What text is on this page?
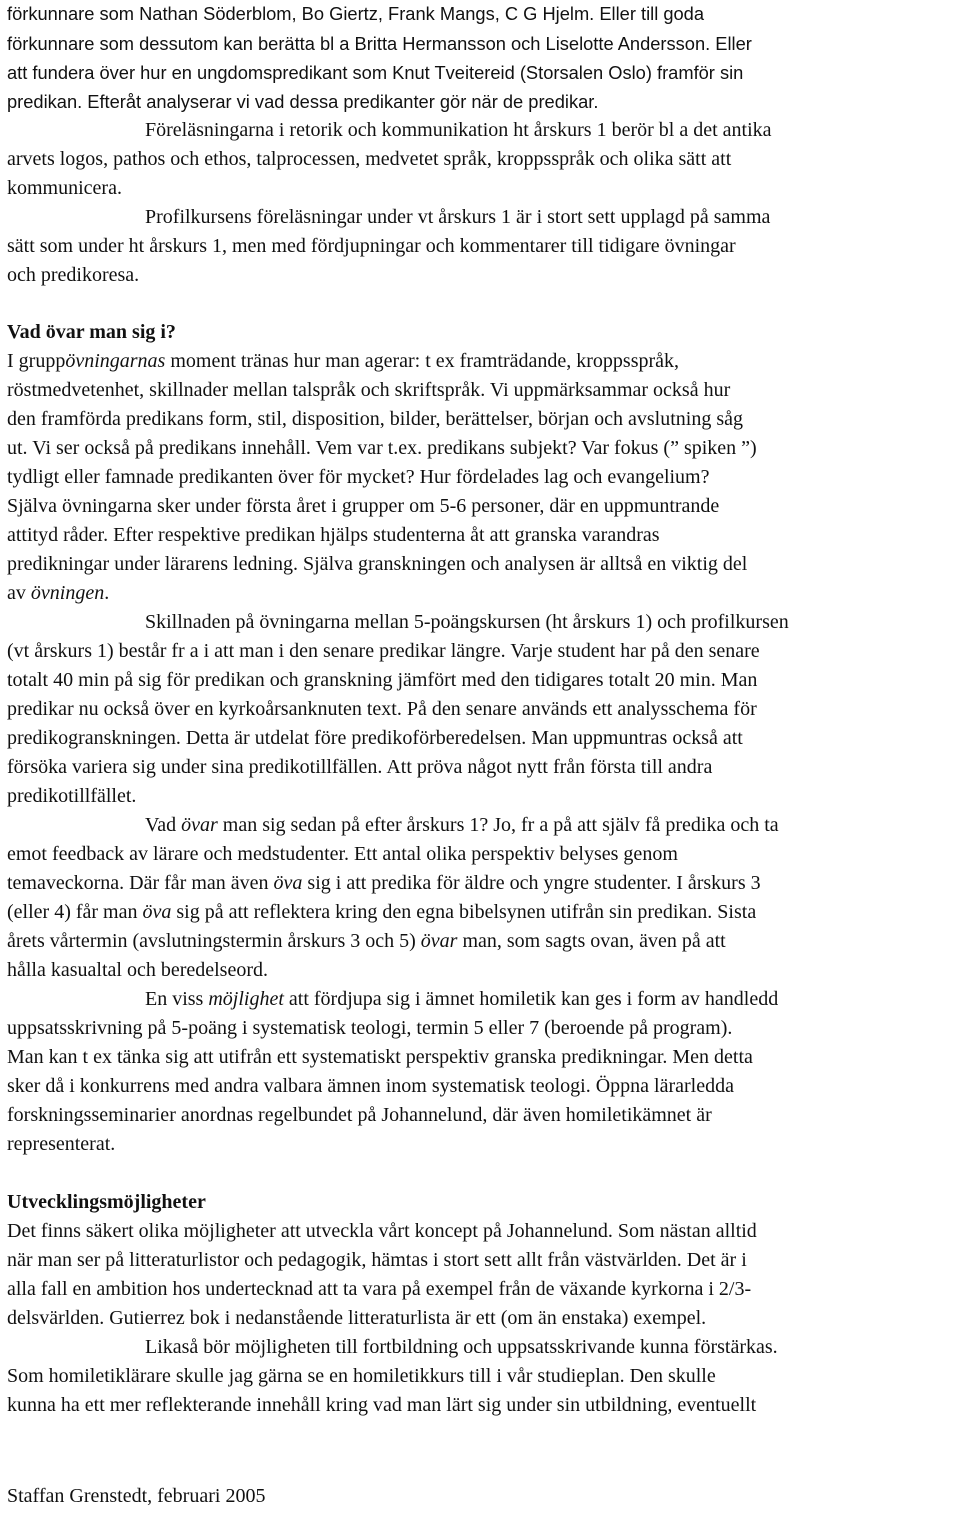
förkunnare som Nathan Söderblom, Bo Giertz, Frank Mangs, C G Hjelm. Eller till goda
förkunnare som dessutom kan berätta bl a Britta Hermansson och Liselotte Andersson. Eller
att fundera över hur en ungdomspredikant som Knut Tveitereid (Storsalen Oslo) framför sin
predikan. Efteråt analyserar vi vad dessa predikanter gör när de predikar.
Föreläsningarna i retorik och kommunikation ht årskurs 1 berör bl a det antika
arvets logos, pathos och ethos, talprocessen, medvetet språk, kroppsspråk och olika sätt att
kommunicera.
Profilkursens föreläsningar under vt årskurs 1 är i stort sett upplagd på samma
sätt som under ht årskurs 1, men med fördjupningar och kommentarer till tidigare övningar
och predikoresa.
Vad övar man sig i?
I gruppövningarnas moment tränas hur man agerar: t ex framträdande, kroppsspråk,
röstmedvetenhet, skillnader mellan talspråk och skriftspråk. Vi uppmärksammar också hur
den framförda predikans form, stil, disposition, bilder, berättelser, början och avslutning såg
ut. Vi ser också på predikans innehåll. Vem var t.ex. predikans subjekt? Var fokus (” spiken ”)
tydligt eller famnade predikanten över för mycket? Hur fördelades lag och evangelium?
Själva övningarna sker under första året i grupper om 5-6 personer, där en uppmuntrande
attityd råder. Efter respektive predikan hjälps studenterna åt att granska varandras
predikningar under lärarens ledning. Själva granskningen och analysen är alltså en viktig del
av övningen.
Skillnaden på övningarna mellan 5-poängskursen (ht årskurs 1) och profilkursen
(vt årskurs 1) består fr a i att man i den senare predikar längre. Varje student har på den senare
totalt 40 min på sig för predikan och granskning jämfört med den tidigares totalt 20 min. Man
predikar nu också över en kyrkoårsanknuten text. På den senare används ett analysschema för
predikogranskningen. Detta är utdelat före predikoförberedelsen. Man uppmuntras också att
försöka variera sig under sina predikotillfällen. Att pröva något nytt från första till andra
predikotillfället.
Vad övar man sig sedan på efter årskurs 1? Jo, fr a på att själv få predika och ta
emot feedback av lärare och medstudenter. Ett antal olika perspektiv belyses genom
temaveckorna. Där får man även öva sig i att predika för äldre och yngre studenter. I årskurs 3
(eller 4) får man öva sig på att reflektera kring den egna bibelsynen utifrån sin predikan. Sista
årets vårtermin (avslutningstermin årskurs 3 och 5) övar man, som sagts ovan, även på att
hålla kasualtal och beredelseord.
En viss möjlighet att fördjupa sig i ämnet homiletik kan ges i form av handledd
uppsatsskrivning på 5-poäng i systematisk teologi, termin 5 eller 7 (beroende på program).
Man kan t ex tänka sig att utifrån ett systematiskt perspektiv granska predikningar. Men detta
sker då i konkurrens med andra valbara ämnen inom systematisk teologi. Öppna lärarledda
forskningsseminarier anordnas regelbundet på Johannelund, där även homiletikämnet är
representerat.
Utvecklingsmöjligheter
Det finns säkert olika möjligheter att utveckla vårt koncept på Johannelund. Som nästan alltid
när man ser på litteraturlistor och pedagogik, hämtas i stort sett allt från västvärlden. Det är i
alla fall en ambition hos undertecknad att ta vara på exempel från de växande kyrkorna i 2/3-
delsvärlden. Gutierrez bok i nedanstående litteraturlista är ett (om än enstaka) exempel.
Likaså bör möjligheten till fortbildning och uppsatsskrivande kunna förstärkas.
Som homiletiklärare skulle jag gärna se en homiletikkurs till i vår studieplan. Den skulle
kunna ha ett mer reflekterande innehåll kring vad man lärt sig under sin utbildning, eventuellt
Staffan Grenstedt, februari 2005
